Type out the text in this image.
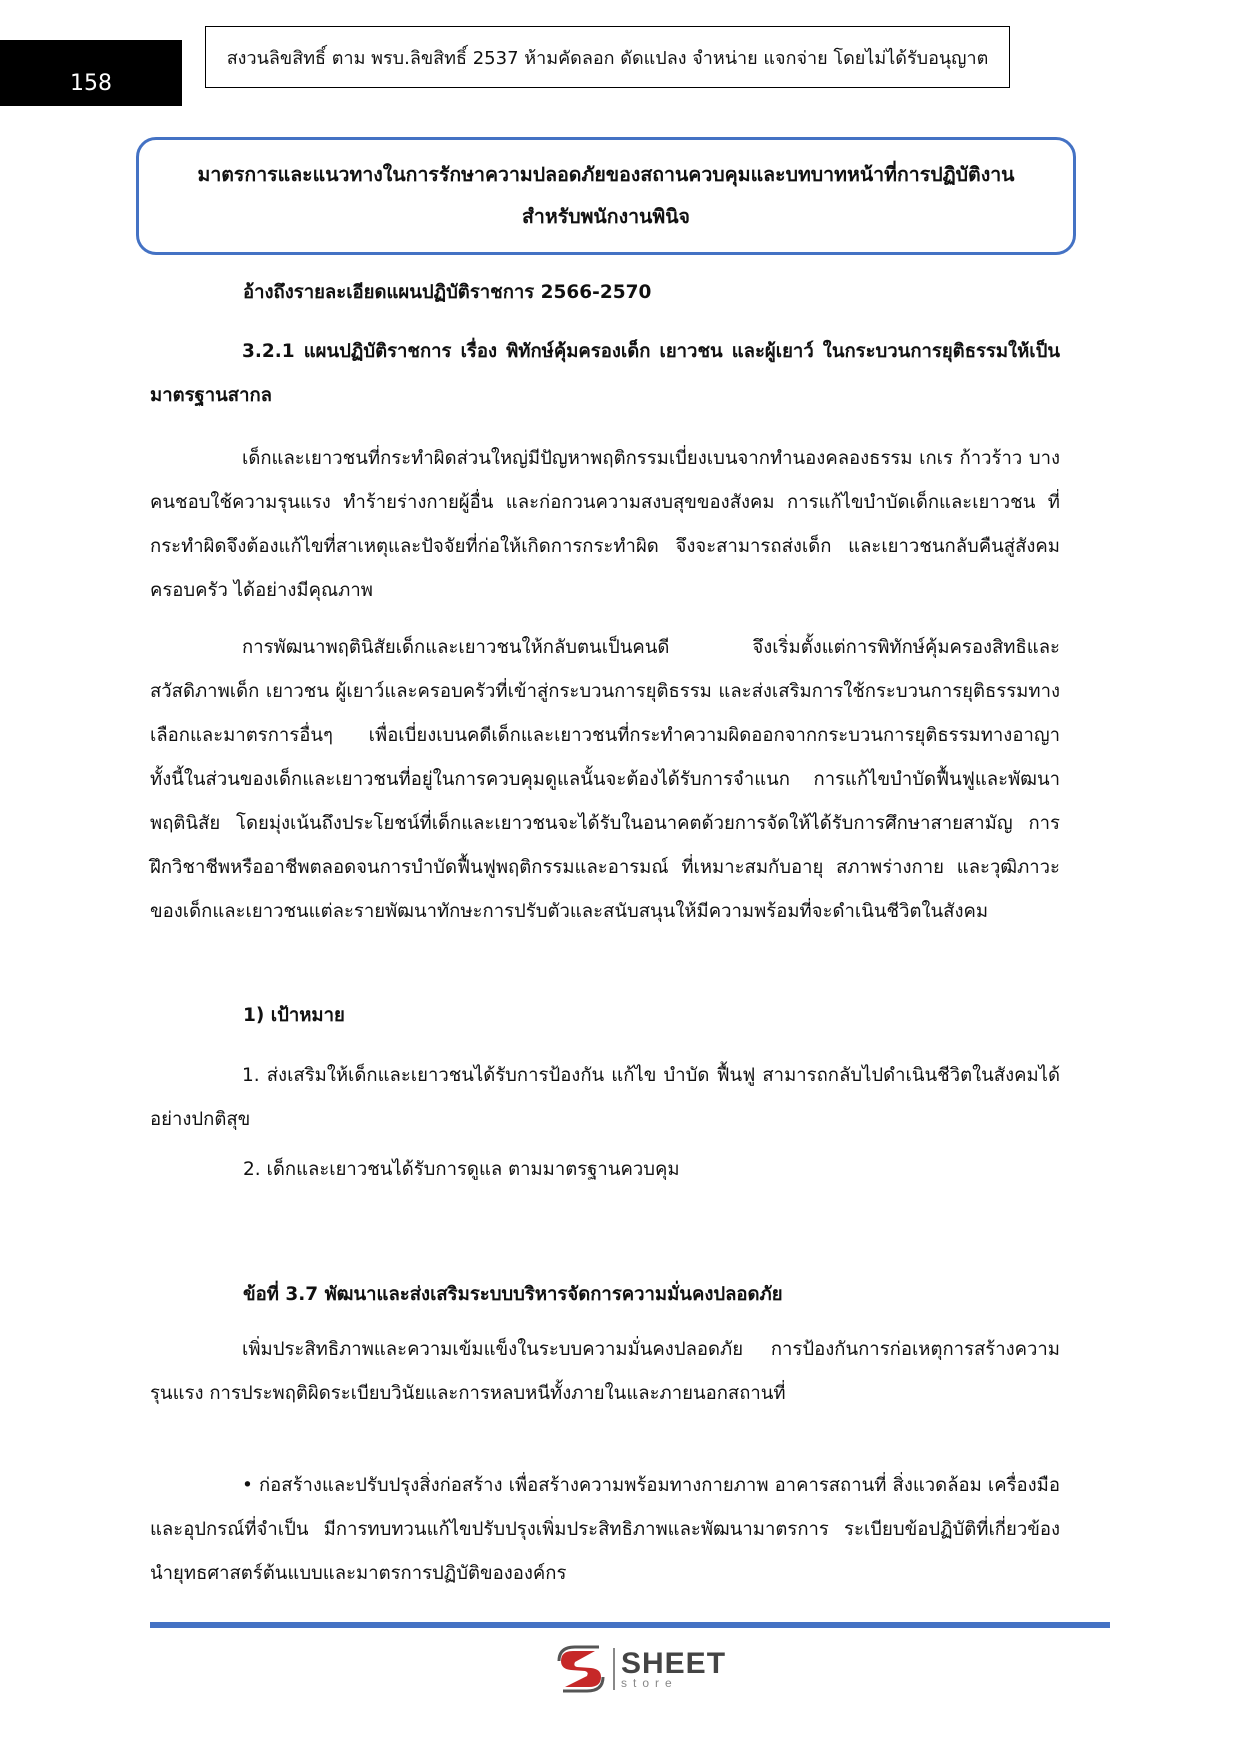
158
สงวนลิขสิทธิ์ ตาม พรบ.ลิขสิทธิ์ 2537 ห้ามคัดลอก ดัดแปลง จำหน่าย แจกจ่าย โดยไม่ได้รับอนุญาต
มาตรการและแนวทางในการรักษาความปลอดภัยของสถานควบคุมและบทบาทหน้าที่การปฏิบัติงาน
สำหรับพนักงานพินิจ
อ้างถึงรายละเอียดแผนปฏิบัติราชการ 2566-2570
3.2.1 แผนปฏิบัติราชการ เรื่อง พิทักษ์คุ้มครองเด็ก เยาวชน และผู้เยาว์ ในกระบวนการยุติธรรมให้เป็นมาตรฐานสากล
เด็กและเยาวชนที่กระทำผิดส่วนใหญ่มีปัญหาพฤติกรรมเบี่ยงเบนจากทำนองคลองธรรม เกเร ก้าวร้าว บางคนชอบใช้ความรุนแรง ทำร้ายร่างกายผู้อื่น และก่อกวนความสงบสุขของสังคม การแก้ไขบำบัดเด็กและเยาวชน ที่กระทำผิดจึงต้องแก้ไขที่สาเหตุและปัจจัยที่ก่อให้เกิดการกระทำผิด จึงจะสามารถส่งเด็ก และเยาวชนกลับคืนสู่สังคม ครอบครัว ได้อย่างมีคุณภาพ
การพัฒนาพฤตินิสัยเด็กและเยาวชนให้กลับตนเป็นคนดี จึงเริ่มตั้งแต่การพิทักษ์คุ้มครองสิทธิและสวัสดิภาพเด็ก เยาวชน ผู้เยาว์และครอบครัวที่เข้าสู่กระบวนการยุติธรรม และส่งเสริมการใช้กระบวนการยุติธรรมทางเลือกและมาตรการอื่นๆ เพื่อเบี่ยงเบนคดีเด็กและเยาวชนที่กระทำความผิดออกจากกระบวนการยุติธรรมทางอาญา ทั้งนี้ในส่วนของเด็กและเยาวชนที่อยู่ในการควบคุมดูแลนั้นจะต้องได้รับการจำแนก การแก้ไขบำบัดฟื้นฟูและพัฒนาพฤตินิสัย โดยมุ่งเน้นถึงประโยชน์ที่เด็กและเยาวชนจะได้รับในอนาคตด้วยการจัดให้ได้รับการศึกษาสายสามัญ การฝึกวิชาชีพหรืออาชีพตลอดจนการบำบัดฟื้นฟูพฤติกรรมและอารมณ์ ที่เหมาะสมกับอายุ สภาพร่างกาย และวุฒิภาวะของเด็กและเยาวชนแต่ละรายพัฒนาทักษะการปรับตัวและสนับสนุนให้มีความพร้อมที่จะดำเนินชีวิตในสังคม
1) เป้าหมาย
1. ส่งเสริมให้เด็กและเยาวชนได้รับการป้องกัน แก้ไข บำบัด ฟื้นฟู สามารถกลับไปดำเนินชีวิตในสังคมได้อย่างปกติสุข
2. เด็กและเยาวชนได้รับการดูแล ตามมาตรฐานควบคุม
ข้อที่ 3.7 พัฒนาและส่งเสริมระบบบริหารจัดการความมั่นคงปลอดภัย
เพิ่มประสิทธิภาพและความเข้มแข็งในระบบความมั่นคงปลอดภัย การป้องกันการก่อเหตุการสร้างความรุนแรง การประพฤติผิดระเบียบวินัยและการหลบหนีทั้งภายในและภายนอกสถานที่
• ก่อสร้างและปรับปรุงสิ่งก่อสร้าง เพื่อสร้างความพร้อมทางกายภาพ อาคารสถานที่ สิ่งแวดล้อม เครื่องมือ และอุปกรณ์ที่จำเป็น มีการทบทวนแก้ไขปรับปรุงเพิ่มประสิทธิภาพและพัฒนามาตรการ ระเบียบข้อปฏิบัติที่เกี่ยวข้องนำยุทธศาสตร์ต้นแบบและมาตรการปฏิบัติขององค์กร
SHEET
store
